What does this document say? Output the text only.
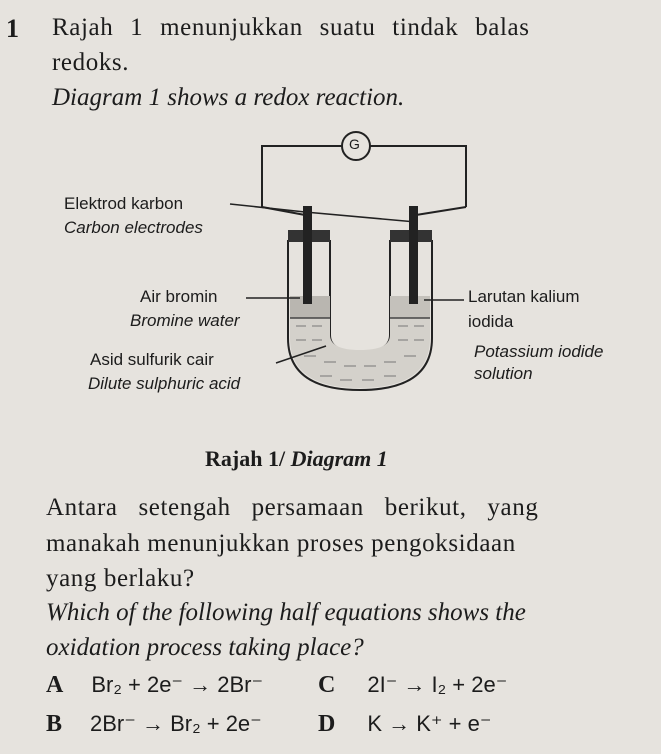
1 Rajah 1 menunjukkan suatu tindak balas
redoks.
Diagram 1 shows a redox reaction.
G
Elektrod karbon
Carbon electrodes
Air bromin
Bromine water
Asid sulfurik cair
Dilute sulphuric acid
Larutan kalium
iodida
Potassium iodide
solution
Rajah 1/ Diagram 1
Antara setengah persamaan berikut, yang
manakah menunjukkan proses pengoksidaan
yang berlaku?
Which of the following half equations shows the
oxidation process taking place?
A Br₂ + 2e⁻ → 2Br⁻
B 2Br⁻ → Br₂ + 2e⁻
C 2I⁻ → I₂ + 2e⁻
D K → K⁺ + e⁻
